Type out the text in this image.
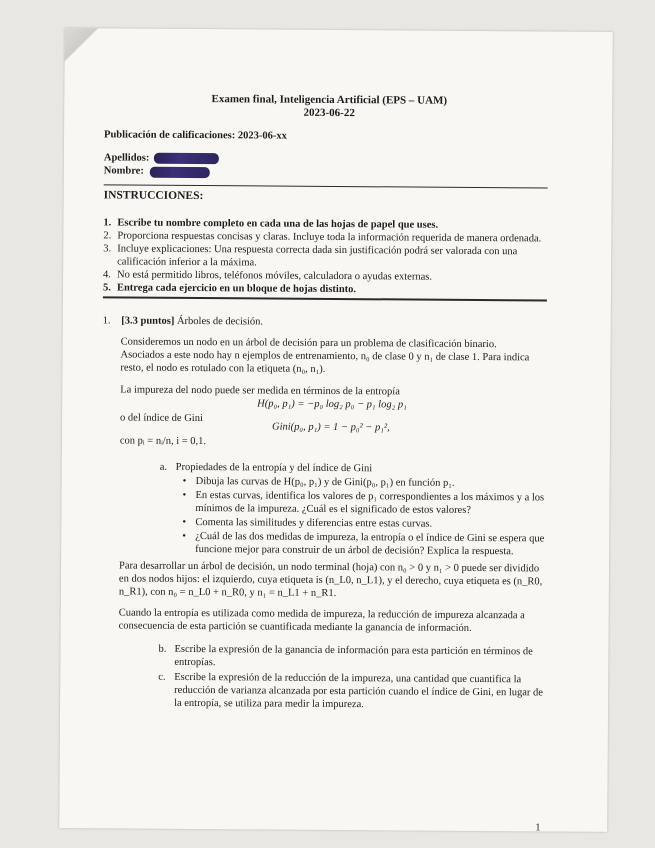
Examen final, Inteligencia Artificial (EPS – UAM)
2023-06-22
Publicación de calificaciones: 2023-06-xx
Apellidos:
Nombre:
INSTRUCCIONES:
1. Escribe tu nombre completo en cada una de las hojas de papel que uses.
2. Proporciona respuestas concisas y claras. Incluye toda la información requerida de manera ordenada.
3. Incluye explicaciones: Una respuesta correcta dada sin justificación podrá ser valorada con una calificación inferior a la máxima.
4. No está permitido libros, teléfonos móviles, calculadora o ayudas externas.
5. Entrega cada ejercicio en un bloque de hojas distinto.
1. [3.3 puntos] Árboles de decisión.
Consideremos un nodo en un árbol de decisión para un problema de clasificación binario.
Asociados a este nodo hay n ejemplos de entrenamiento, n₀ de clase 0 y n₁ de clase 1. Para indica resto, el nodo es rotulado con la etiqueta (n₀, n₁).
La impureza del nodo puede ser medida en términos de la entropía
H(p₀, p₁) = −p₀ log₂ p₀ − p₁ log₂ p₁
o del índice de Gini
Gini(p₀, p₁) = 1 − p₀² − p₁²,
con pᵢ = nᵢ/n, i = 0,1.
a. Propiedades de la entropía y del índice de Gini
• Dibuja las curvas de H(p₀, p₁) y de Gini(p₀, p₁) en función p₁.
• En estas curvas, identifica los valores de p₁ correspondientes a los máximos y a los mínimos de la impureza. ¿Cuál es el significado de estos valores?
• Comenta las similitudes y diferencias entre estas curvas.
• ¿Cuál de las dos medidas de impureza, la entropía o el índice de Gini se espera que funcione mejor para construir de un árbol de decisión? Explica la respuesta.
Para desarrollar un árbol de decisión, un nodo terminal (hoja) con n₀ > 0 y n₁ > 0 puede ser dividido en dos nodos hijos: el izquierdo, cuya etiqueta is (n_L0, n_L1), y el derecho, cuya etiqueta es (n_R0, n_R1), con n₀ = n_L0 + n_R0, y n₁ = n_L1 + n_R1.
Cuando la entropía es utilizada como medida de impureza, la reducción de impureza alcanzada a consecuencia de esta partición se cuantificada mediante la ganancia de información.
b. Escribe la expresión de la ganancia de información para esta partición en términos de entropías.
c. Escribe la expresión de la reducción de la impureza, una cantidad que cuantifica la reducción de varianza alcanzada por esta partición cuando el índice de Gini, en lugar de la entropía, se utiliza para medir la impureza.
1
